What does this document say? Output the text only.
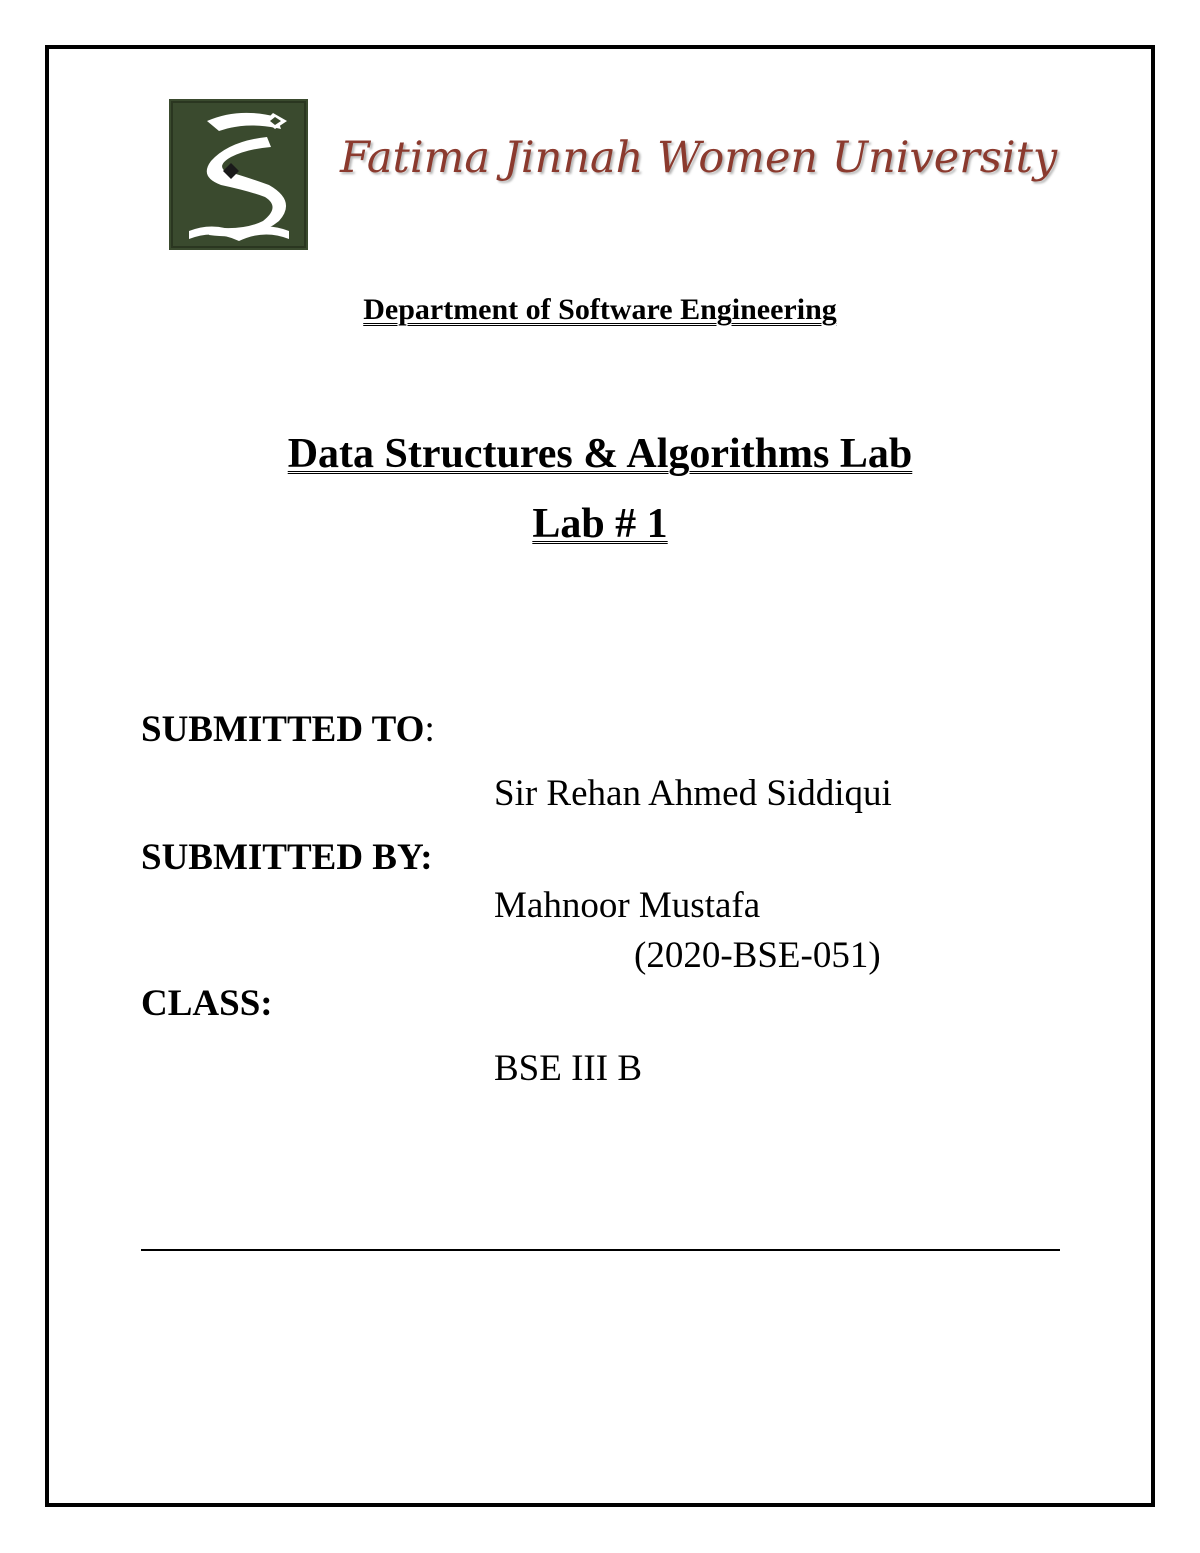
Fatima Jinnah Women University
Department of Software Engineering
Data Structures & Algorithms Lab
Lab # 1
SUBMITTED TO:
Sir Rehan Ahmed Siddiqui
SUBMITTED BY:
Mahnoor Mustafa
(2020-BSE-051)
CLASS:
BSE III B
